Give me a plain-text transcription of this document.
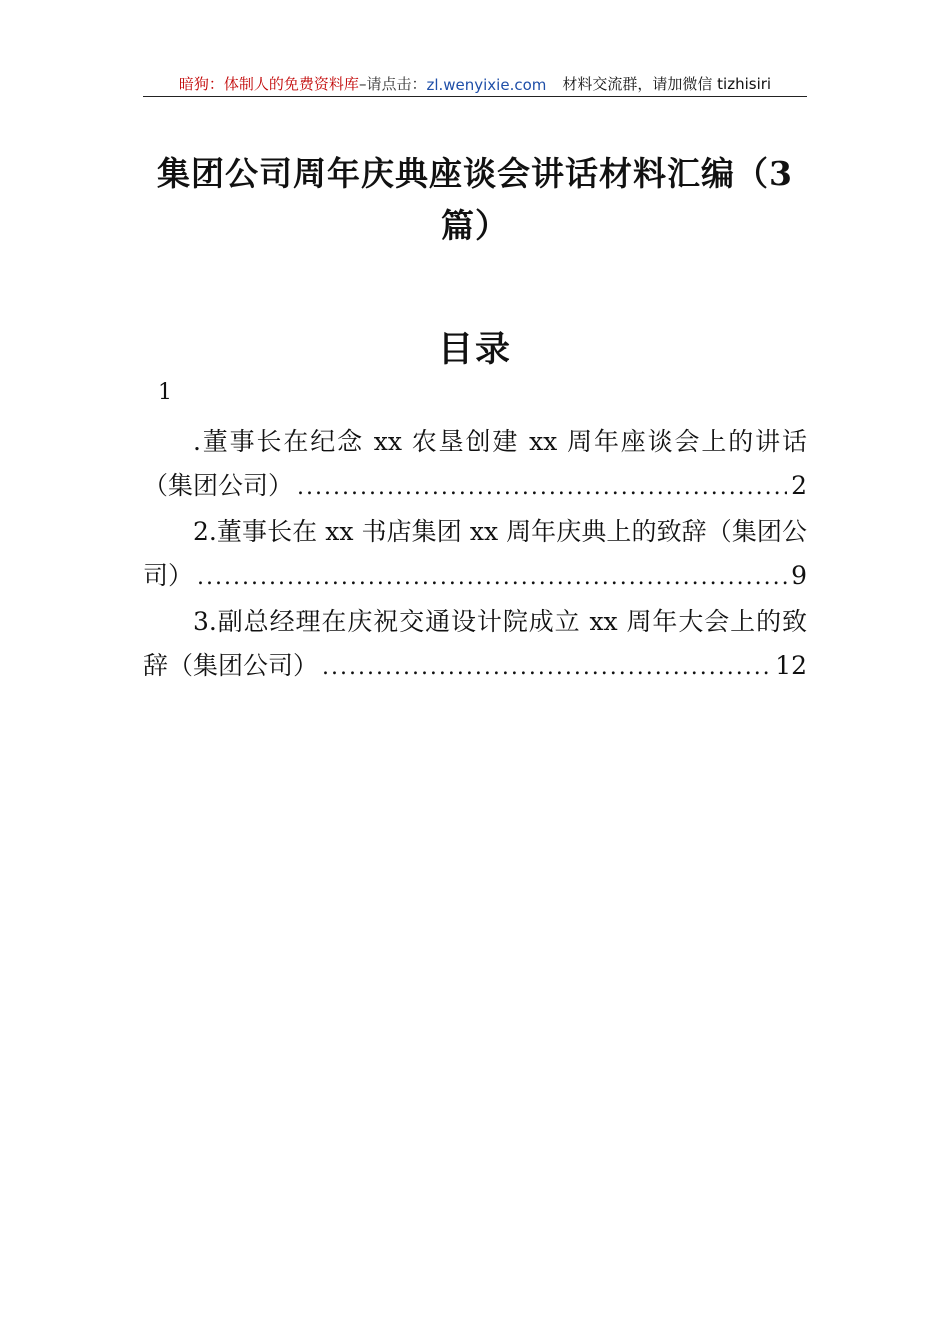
暗狗：体制人的免费资料库 –请点击： zl.wenyixie.com 材料交流群，请加微信 tizhisiri
集团公司周年庆典座谈会讲话材料汇编（3篇）
目录
1
.董事长在纪念 xx 农垦创建 xx 周年座谈会上的讲话
（集团公司） .....	2
2.董事长在 xx 书店集团 xx 周年庆典上的致辞（集团公
司） .....	9
3.副总经理在庆祝交通设计院成立 xx 周年大会上的致
辞（集团公司） .....	12
